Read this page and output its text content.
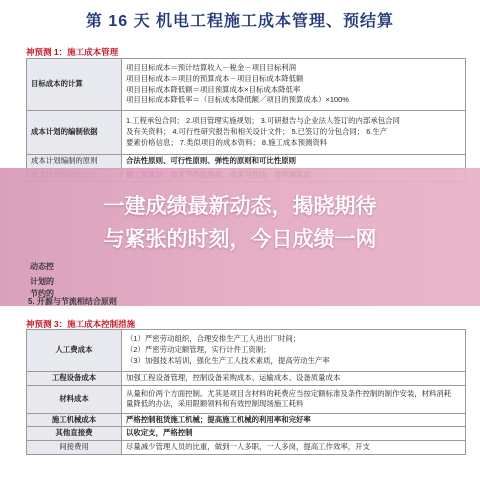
第 16 天 机电工程施工成本管理、预结算
神预测 1：施工成本管理
目标成本的计算	项目目标成本＝预计结算收入－税金－项目目标利润
项目目标成本＝项目的预算成本－项目目标成本降低额
项目目标成本降低额＝项目预算成本×目标成本降低率
项目目标成本降低率＝（目标成本降低额／项目的预算成本）×100%

成本计划的编制依据	1.工程承包合同； 2.项目管理实施规划； 3.可研报告与企业法人签订的内部承包合同
及有关资料； 4.可行性研究报告和相关设计文件； 5.已签订的分包合同； 6.生产
要素价格信息； 7.类似项目的成本资料； 8.施工成本预测资料

成本计划编制的原则	合法性原则、可行性原则、弹性的原则和可比性原则

一建成绩最新动态，揭晓期待
与紧张的时刻，今日成绩一网
动态控
计划的
节约的
5. 开源与节流相结合原则
神预测 3：施工成本控制措施
人工费成本	（1）严密劳动组织，合理安排生产工人进出厂时间；
（2）严密劳动定额管理，实行计件工资制；
（3）加强技术培训，强化生产工人技术素质，提高劳动生产率

工程设备成本	加强工程设备管理，控制设备采购成本、运输成本、设备质量成本

材料成本	从量和价两个方面控制。尤其是项目含材料的耗费应当按定额标准及条件控制的制作安装，材料消耗
量降低的办法，采用限额领料和有效控制现场施工耗料

施工机械成本	严格控制租赁施工机械；提高施工机械的利用率和完好率

其他直接费	以收定支，严格控制

间接费用	尽量减少管理人员的比重，做到一人多职，一人多岗，提高工作效率，开支
